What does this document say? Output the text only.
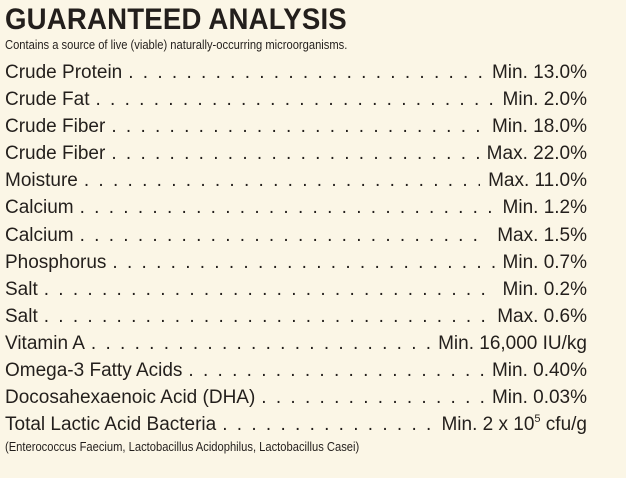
GUARANTEED ANALYSIS
Contains a source of live (viable) naturally-occurring microorganisms.
Crude Protein . . .	Min. 13.0%
Crude Fat . . .	Min. 2.0%
Crude Fiber . . .	Min. 18.0%
Crude Fiber . . .	Max. 22.0%
Moisture . . .	Max. 11.0%
Calcium . . .	Min. 1.2%
Calcium . . .	Max. 1.5%
Phosphorus . . .	Min. 0.7%
Salt . . .	Min. 0.2%
Salt . . .	Max. 0.6%
Vitamin A . . .	Min. 16,000 IU/kg
Omega-3 Fatty Acids . . .	Min. 0.40%
Docosahexaenoic Acid (DHA) . . .	Min. 0.03%
Total Lactic Acid Bacteria . . .	Min. 2 x $10^5$ cfu/g
(Enterococcus Faecium, Lactobacillus Acidophilus, Lactobacillus Casei)
